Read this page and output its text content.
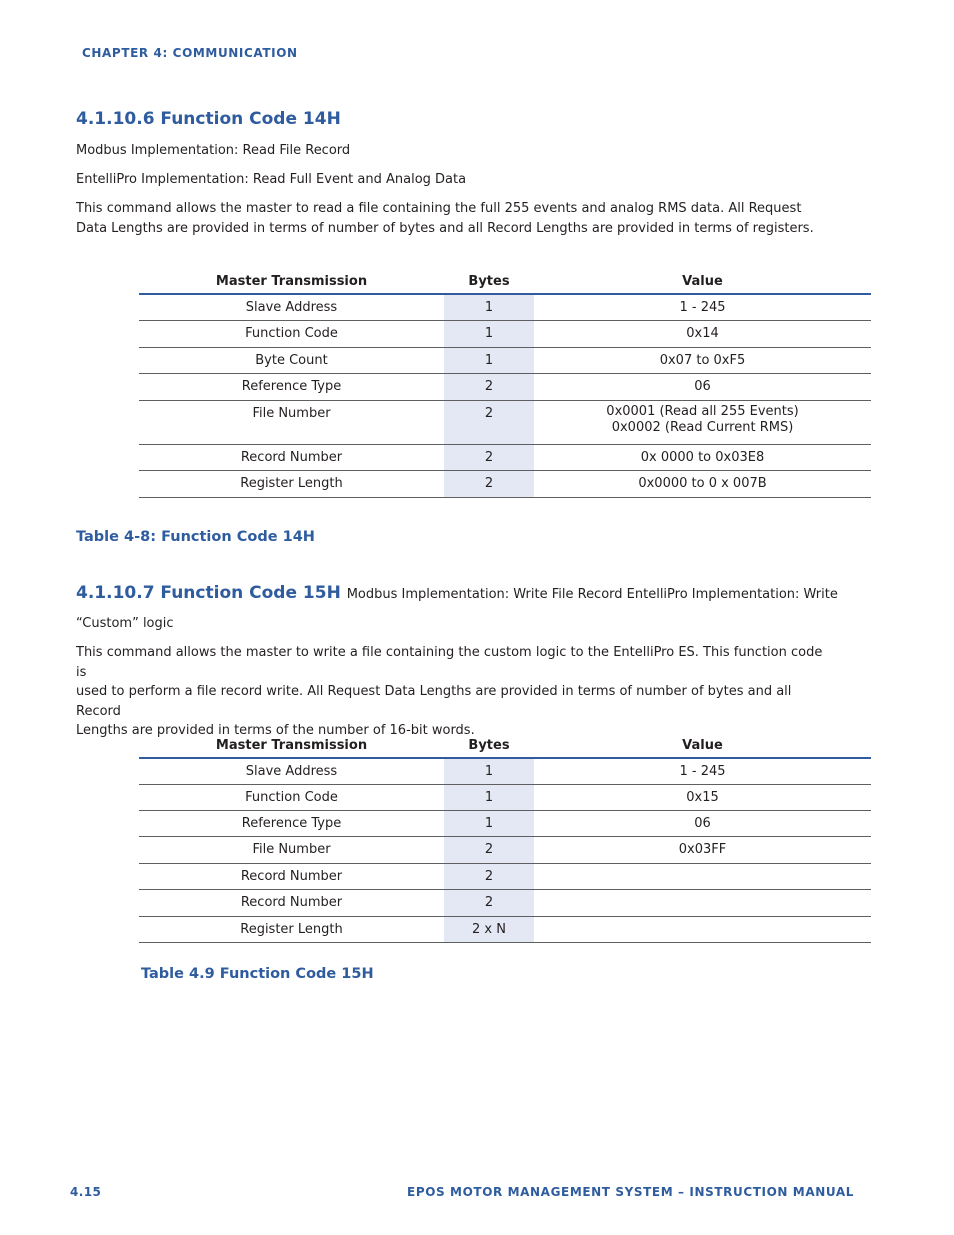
CHAPTER 4: COMMUNICATION
4.1.10.6 Function Code 14H
Modbus Implementation: Read File Record
EntelliPro Implementation: Read Full Event and Analog Data
This command allows the master to read a file containing the full 255 events and analog RMS data. All Request
Data Lengths are provided in terms of number of bytes and all Record Lengths are provided in terms of registers.
Master Transmission	Bytes	Value
Slave Address	1	1 - 245
Function Code	1	0x14
Byte Count	1	0x07 to 0xF5
Reference Type	2	06
File Number	2	0x0001 (Read all 255 Events)
0x0002 (Read Current RMS)

Record Number	2	0x 0000 to 0x03E8
Register Length	2	0x0000 to 0 x 007B
Table 4-8: Function Code 14H
4.1.10.7 Function Code 15H Modbus Implementation: Write File Record EntelliPro Implementation: Write
“Custom” logic
This command allows the master to write a file containing the custom logic to the EntelliPro ES. This function code is
used to perform a file record write. All Request Data Lengths are provided in terms of number of bytes and all Record
Lengths are provided in terms of the number of 16-bit words.
Master Transmission	Bytes	Value
Slave Address	1	1 - 245
Function Code	1	0x15
Reference Type	1	06
File Number	2	0x03FF
Record Number	2	
Record Number	2	
Register Length	2 x N	
Table 4.9 Function Code 15H
4.15	EPOS MOTOR MANAGEMENT SYSTEM – INSTRUCTION MANUAL
